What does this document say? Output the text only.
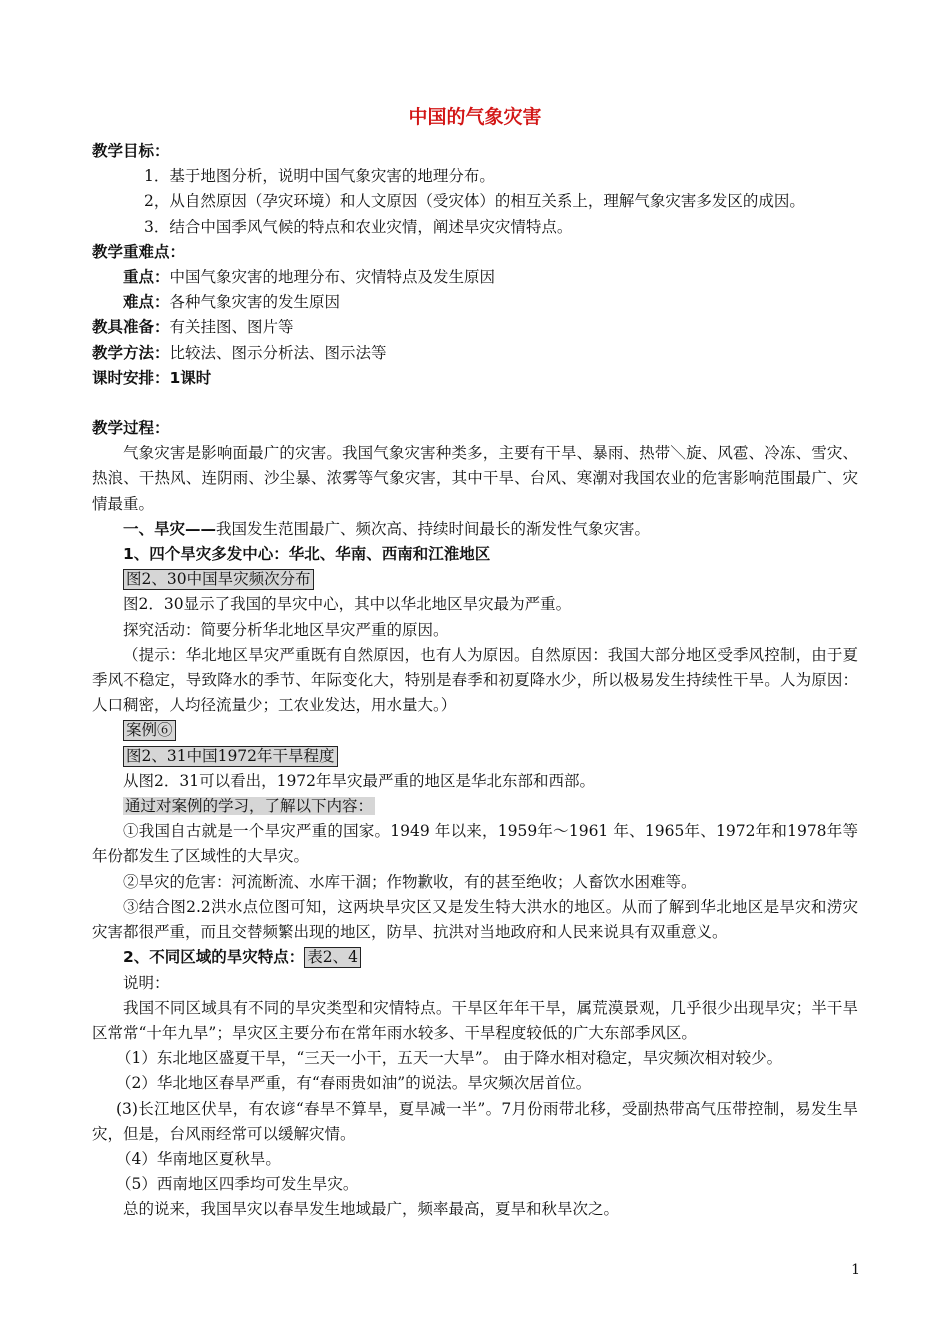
中国的气象灾害
教学目标：
1．基于地图分析，说明中国气象灾害的地理分布。
2，从自然原因（孕灾环境）和人文原因（受灾体）的相互关系上，理解气象灾害多发区的成因。
3．结合中国季风气候的特点和农业灾情，阐述旱灾灾情特点。
教学重难点：
重点：中国气象灾害的地理分布、灾情特点及发生原因
难点：各种气象灾害的发生原因
教具准备：有关挂图、图片等
教学方法：比较法、图示分析法、图示法等
课时安排：1课时
教学过程：
气象灾害是影响面最广的灾害。我国气象灾害种类多，主要有干旱、暴雨、热带＼旋、风雹、冷冻、雪灾、热浪、干热风、连阴雨、沙尘暴、浓雾等气象灾害，其中干旱、台风、寒潮对我国农业的危害影响范围最广、灾情最重。
一、旱灾——我国发生范围最广、频次高、持续时间最长的渐发性气象灾害。
1、四个旱灾多发中心：华北、华南、西南和江淮地区
图2、30中国旱灾频次分布
图2．30显示了我国的旱灾中心，其中以华北地区旱灾最为严重。
探究活动：简要分析华北地区旱灾严重的原因。
（提示：华北地区旱灾严重既有自然原因，也有人为原因。自然原因：我国大部分地区受季风控制，由于夏季风不稳定，导致降水的季节、年际变化大，特别是春季和初夏降水少，所以极易发生持续性干旱。人为原因：人口稠密，人均径流量少；工农业发达，用水量大。）
案例⑥
图2、31中国1972年干旱程度
从图2．31可以看出，1972年旱灾最严重的地区是华北东部和西部。
通过对案例的学习，了解以下内容：
①我国自古就是一个旱灾严重的国家。1949 年以来，1959年～1961 年、1965年、1972年和1978年等年份都发生了区域性的大旱灾。
②旱灾的危害：河流断流、水库干涸；作物歉收，有的甚至绝收；人畜饮水困难等。
③结合图2.2洪水点位图可知，这两块旱灾区又是发生特大洪水的地区。从而了解到华北地区是旱灾和涝灾灾害都很严重，而且交替频繁出现的地区，防旱、抗洪对当地政府和人民来说具有双重意义。
2、不同区域的旱灾特点： 表2、4
说明：
我国不同区域具有不同的旱灾类型和灾情特点。干旱区年年干旱，属荒漠景观，几乎很少出现旱灾；半干旱区常常“十年九旱”；旱灾区主要分布在常年雨水较多、干旱程度较低的广大东部季风区。
（1）东北地区盛夏干旱，“三天一小干，五天一大旱”。 由于降水相对稳定，旱灾频次相对较少。
（2）华北地区春旱严重，有“春雨贵如油”的说法。旱灾频次居首位。
(3)长江地区伏旱，有农谚“春旱不算旱，夏旱减一半”。7月份雨带北移，受副热带高气压带控制，易发生旱灾，但是，台风雨经常可以缓解灾情。
（4）华南地区夏秋旱。
（5）西南地区四季均可发生旱灾。
总的说来，我国旱灾以春旱发生地域最广，频率最高，夏旱和秋旱次之。
1
